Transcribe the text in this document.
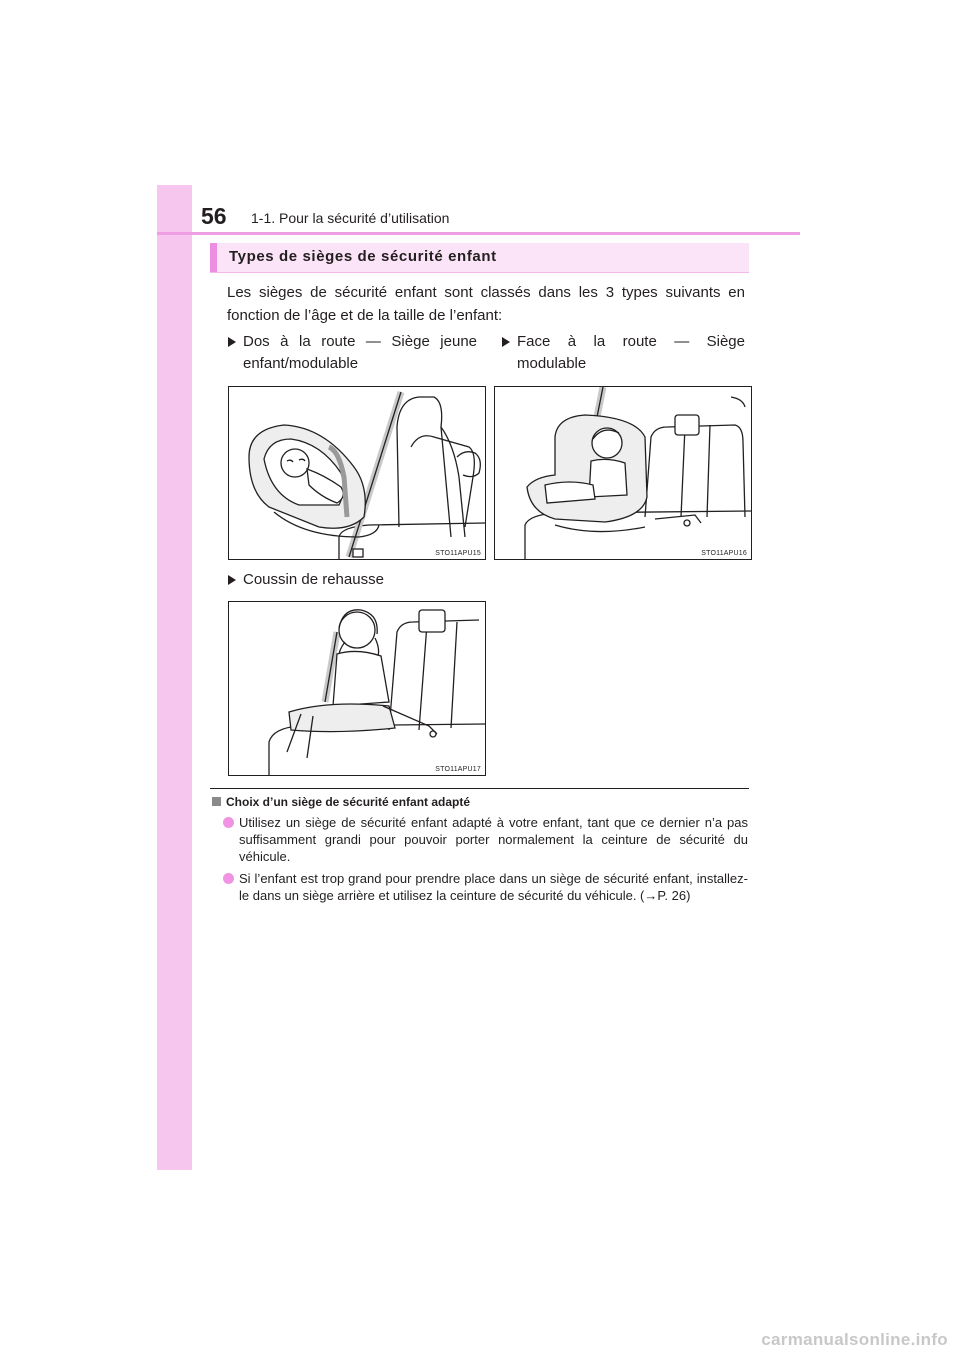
56 1-1. Pour la sécurité d’utilisation
Types de sièges de sécurité enfant
Les sièges de sécurité enfant sont classés dans les 3 types suivants en fonction de l’âge et de la taille de l’enfant:
Dos à la route — Siège jeune enfant/modulable
Face à la route — Siège modulable
Coussin de rehausse
STO11APU15	STO11APU16
STO11APU17
Choix d’un siège de sécurité enfant adapté
Utilisez un siège de sécurité enfant adapté à votre enfant, tant que ce dernier n’a pas suffisamment grandi pour pouvoir porter normalement la ceinture de sécurité du véhicule.
Si l’enfant est trop grand pour prendre place dans un siège de sécurité enfant, installez-le dans un siège arrière et utilisez la ceinture de sécurité du véhicule. (→P. 26)
carmanualsonline.info
